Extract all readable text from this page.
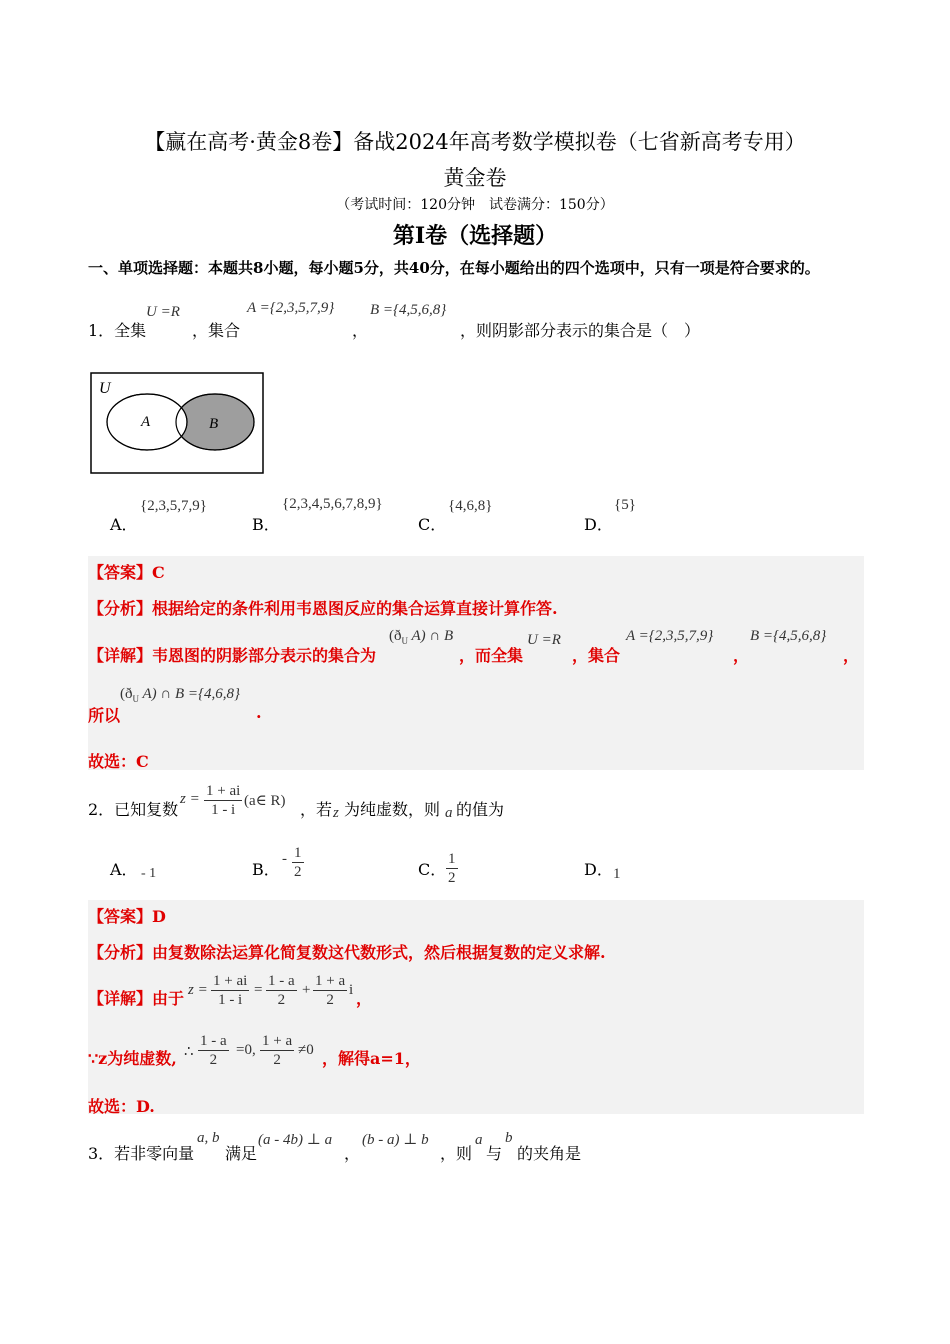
【赢在高考·黄金8卷】备战2024年高考数学模拟卷（七省新高考专用）
黄金卷
（考试时间：120分钟　试卷满分：150分）
第I卷（选择题）
一、单项选择题：本题共8小题，每小题5分，共40分，在每小题给出的四个选项中，只有一项是符合要求的。
1．全集
U =R
，集合
A ={2,3,5,7,9}
，
B ={4,5,6,8}
，则阴影部分表示的集合是（　）
U
A	B
A．
{2,3,5,7,9}
B．
{2,3,4,5,6,7,8,9}
C．
{4,6,8}
D．
{5}
【答案】C
【分析】根据给定的条件利用韦恩图反应的集合运算直接计算作答.
【详解】韦恩图的阴影部分表示的集合为
($ð_U$ A) ∩ B
，而全集
U =R
，集合
A ={2,3,5,7,9}
，
B ={4,5,6,8}
，
所以
($ð_U$ A) ∩ B ={4,6,8}
.
故选：C
2．已知复数
$z = \frac{1 + ai}{1 - i}$ (a∈ R) ，若 z 为纯虚数，则 a 的值为
A． - 1	B．
- $\frac{1}{2}$	C． $\frac{1}{2}$	D． 1
【答案】D
【分析】由复数除法运算化简复数这代数形式，然后根据复数的定义求解.
【详解】由于 $z = \frac{1 + ai}{1 - i} = \frac{1 - a}{2} + \frac{1 + a}{2}$ i ，
∵z为纯虚数, ∴ $\frac{1 - a}{2} =0$, $\frac{1 + a}{2} \ne 0$ ，解得a=1，
故选：D.
3．若非零向量
a, b
满足
(a - 4b) ⊥ a
，
(b - a) ⊥ b
，则
a
与
b
的夹角是
